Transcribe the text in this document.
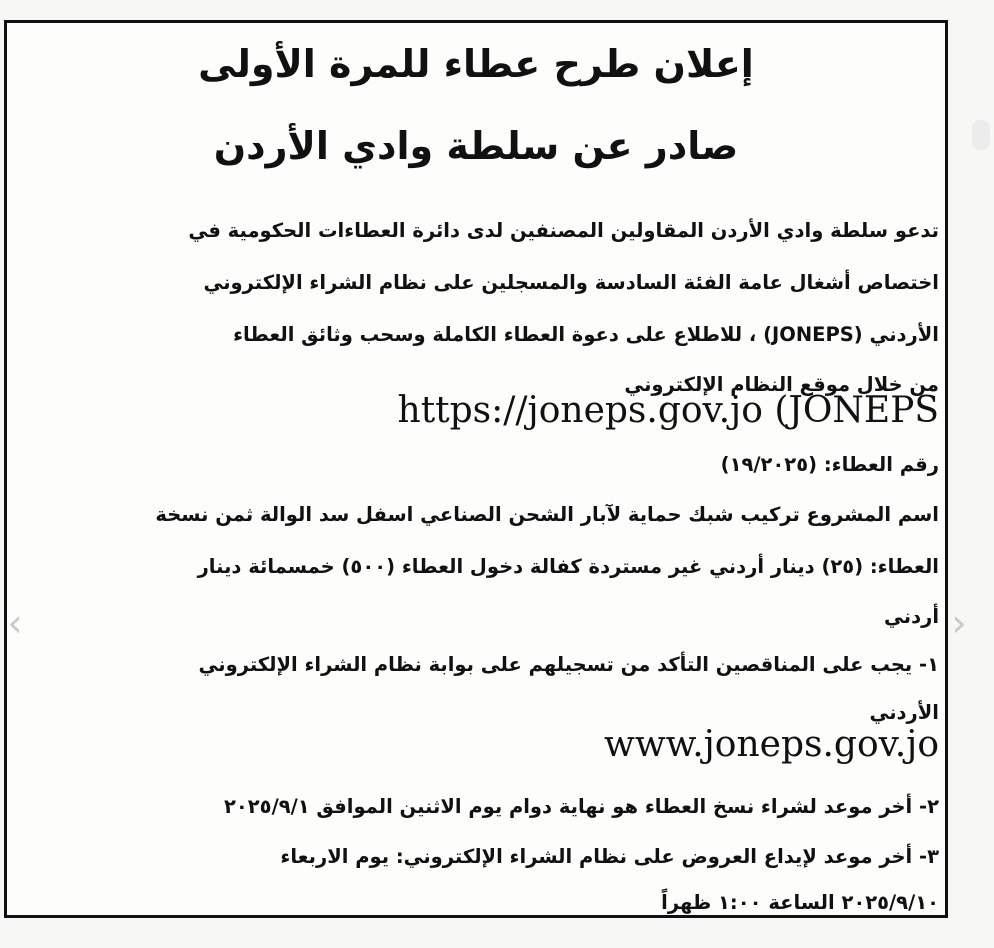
إعلان طرح عطاء للمرة الأولى
صادر عن سلطة وادي الأردن
تدعو سلطة وادي الأردن المقاولين المصنفين لدى دائرة العطاءات الحكومية في
اختصاص أشغال عامة الفئة السادسة والمسجلين على نظام الشراء الإلكتروني
الأردني (JONEPS) ، للاطلاع على دعوة العطاء الكاملة وسحب وثائق العطاء
من خلال موقع النظام الإلكتروني
https://joneps.gov.jo (JONEPS
رقم العطاء: (١٩/٢٠٢٥)
اسم المشروع تركيب شبك حماية لآبار الشحن الصناعي اسفل سد الوالة ثمن نسخة
العطاء: (٢٥) دينار أردني غير مستردة كفالة دخول العطاء (٥٠٠) خمسمائة دينار
أردني
١- يجب على المناقصين التأكد من تسجيلهم على بوابة نظام الشراء الإلكتروني
الأردني
www.joneps.gov.jo
٢- أخر موعد لشراء نسخ العطاء هو نهاية دوام يوم الاثنين الموافق ٢٠٢٥/٩/١
٣- أخر موعد لإيداع العروض على نظام الشراء الإلكتروني: يوم الاربعاء
٢٠٢٥/٩/١٠ الساعة ١:٠٠ ظهراً
‹	›
